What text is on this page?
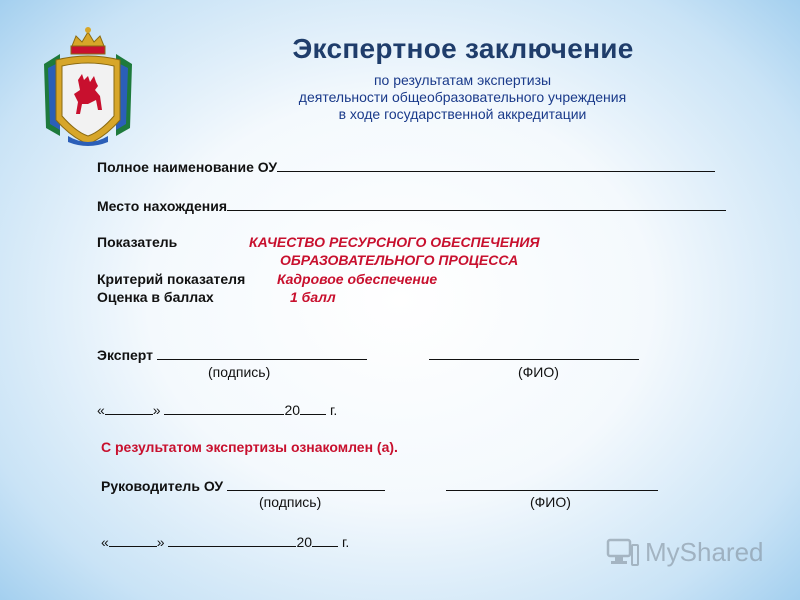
Экспертное заключение
по результатам экспертизы
деятельности общеобразовательного учреждения
в ходе государственной аккредитации
Полное наименование ОУ
Место нахождения
Показатель	КАЧЕСТВО РЕСУРСНОГО ОБЕСПЕЧЕНИЯ
ОБРАЗОВАТЕЛЬНОГО ПРОЦЕССА
Критерий показателя Кадровое обеспечение
Оценка в баллах	1 балл
Эксперт
(подпись)	(ФИО)
«	»	20 г.
С результатом экспертизы ознакомлен (а).
Руководитель ОУ
(подпись)	(ФИО)
«	»	20 г.	MyShared
